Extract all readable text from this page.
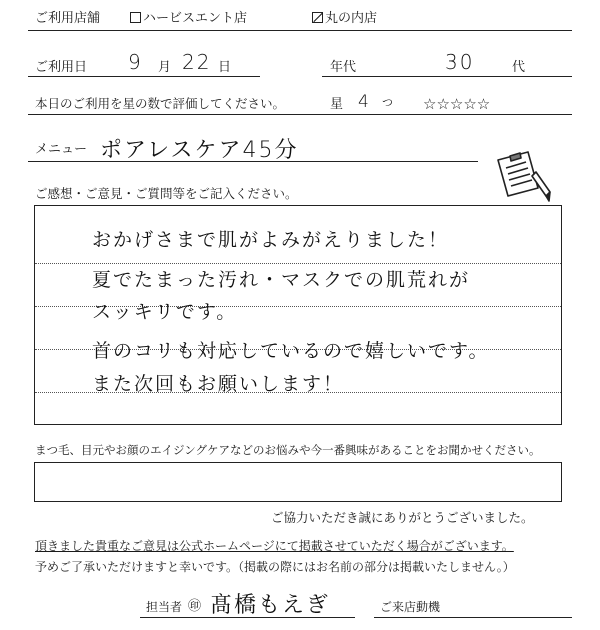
ご利用店舗	ハービスエント店	丸の内店
ご利用日 9 月 22 日	年代	30	代
本日のご利用を星の数で評価してください。	星 4 つ ☆☆☆☆☆
メニュー ポアレスケア45分
ご感想・ご意見・ご質問等をご記入ください。
おかげさまで肌がよみがえりました！
夏でたまった汚れ・マスクでの肌荒れが
スッキリです。
首のコリも対応しているので嬉しいです。
また次回もお願いします！
まつ毛、目元やお顔のエイジングケアなどのお悩みや今一番興味があることをお聞かせください。
ご協力いただき誠にありがとうございました。
頂きました貴重なご意見は公式ホームページにて掲載させていただく場合がございます。
予めご了承いただけますと幸いです。（掲載の際にはお名前の部分は掲載いたしません。）
担当者 ㊞ 髙橋もえぎ	ご来店動機
